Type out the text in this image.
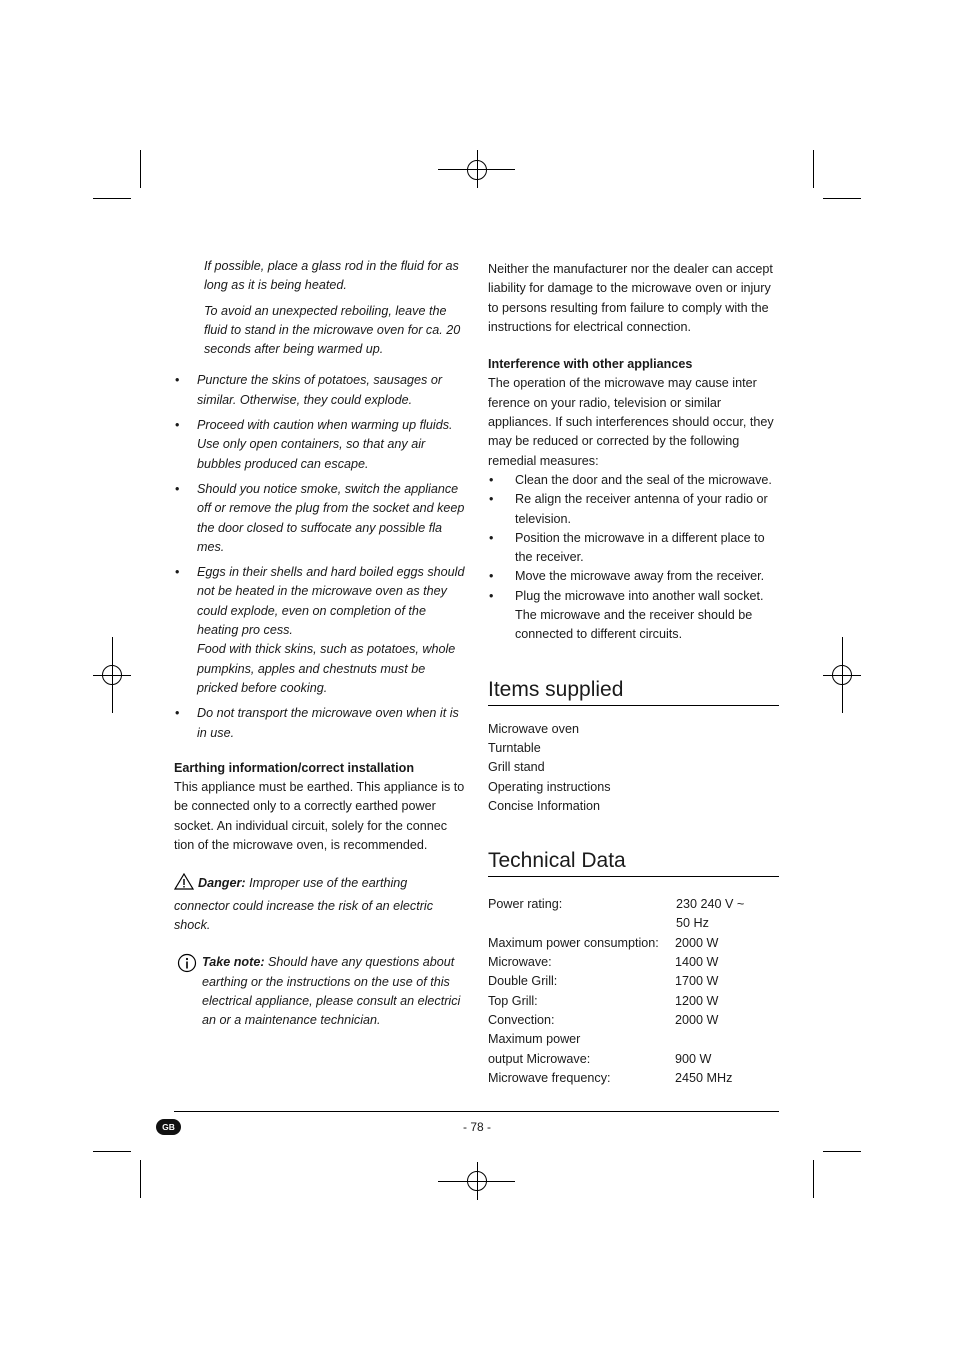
If possible, place a glass rod in the fluid for as long as it is being heated.

To avoid an unexpected reboiling, leave the fluid to stand in the microwave oven for ca. 20 seconds after being warmed up.

• Puncture the skins of potatoes, sausages or similar. Otherwise, they could explode.
• Proceed with caution when warming up fluids. Use only open containers, so that any air bubbles produced can escape.
• Should you notice smoke, switch the appliance off or remove the plug from the socket and keep the door closed to suffocate any possible fla mes.
• Eggs in their shells and hard boiled eggs should not be heated in the microwave oven as they could explode, even on completion of the heating pro cess.
Food with thick skins, such as potatoes, whole pumpkins, apples and chestnuts must be pricked before cooking.
• Do not transport the microwave oven when it is in use.

Earthing information/correct installation

This appliance must be earthed. This appliance is to be connected only to a correctly earthed power socket. An individual circuit, solely for the connec tion of the microwave oven, is recommended.

Danger: Improper use of the earthing connector could increase the risk of an electric shock.
Take note: Should have any questions about earthing or the instructions on the use of this electrical appliance, please consult an electrici an or a maintenance technician.

Neither the manufacturer nor the dealer can accept liability for damage to the microwave oven or injury to persons resulting from failure to comply with the instructions for electrical connection.

Interference with other appliances

The operation of the microwave may cause inter ference on your radio, television or similar appliances. If such interferences should occur, they may be reduced or corrected by the following remedial measures:

• Clean the door and the seal of the microwave.
• Re align the receiver antenna of your radio or television.
• Position the microwave in a different place to the receiver.
• Move the microwave away from the receiver.
• Plug the microwave into another wall socket. The microwave and the receiver should be connected to different circuits.
Items supplied
Microwave oven
Turntable
Grill stand
Operating instructions
Concise Information
Technical Data
Power rating:	230 240 V ~
50 Hz
Maximum power consumption:	2000 W
Microwave:	1400 W
Double Grill:	1700 W
Top Grill:	1200 W
Convection:	2000 W
Maximum power
output Microwave:	900 W
Microwave frequency:	2450 MHz
GB	- 78 -
